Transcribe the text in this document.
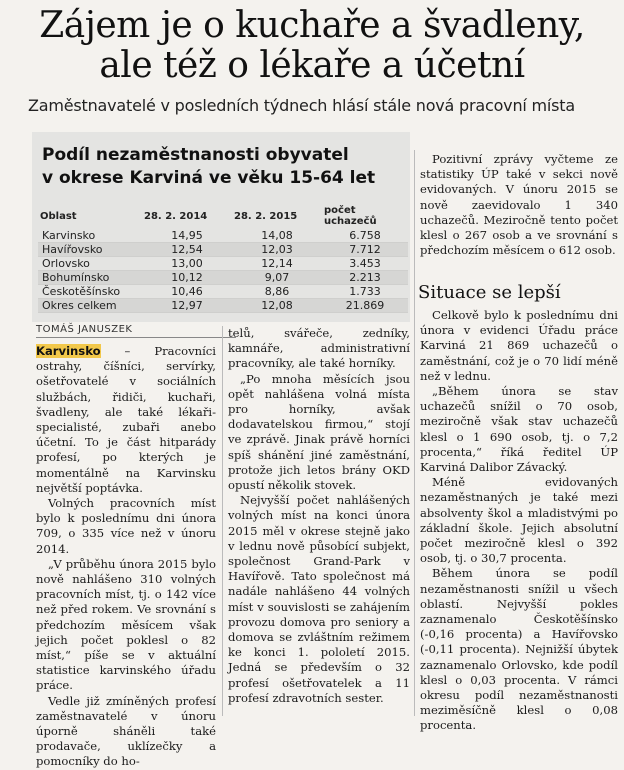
Zájem je o kuchaře a švadleny,
ale též o lékaře a účetní
Zaměstnavatelé v posledních týdnech hlásí stále nová pracovní místa
Podíl nezaměstnanosti obyvatel
v okrese Karviná ve věku 15-64 let
Oblast	28. 2. 2014	28. 2. 2015	počet uchazečů
Karvinsko	14,95	14,08	6.758
Havířovsko	12,54	12,03	7.712
Orlovsko	13,00	12,14	3.453
Bohumínsko	10,12	9,07	2.213
Českotěšínsko	10,46	8,86	1.733
Okres celkem	12,97	12,08	21.869
TOMÁŠ JANUSZEK

Karvinsko – Pracovníci ostrahy, číšníci, servírky, ošetřovatelé v sociálních službách, řidiči, kuchaři, švadleny, ale také lékaři-specialisté, zubaři anebo účetní. To je část hitparády profesí, po kterých je momentálně na Karvinsku největší poptávka.

Volných pracovních míst bylo k poslednímu dni února 709, o 335 více než v únoru 2014.

„V průběhu února 2015 bylo nově nahlášeno 310 volných pracovních míst, tj. o 142 více než před rokem. Ve srovnání s předchozím měsícem však jejich počet poklesl o 82 míst,“ píše se v aktuální statistice karvinského úřadu práce.

Vedle již zmíněných profesí zaměstnavatelé v únoru úporně sháněli také prodavače, uklízečky a pomocníky do ho-

telů, svářeče, zedníky, kamnáře, administrativní pracovníky, ale také horníky.

„Po mnoha měsících jsou opět nahlášena volná místa pro horníky, avšak dodavatelskou firmou,“ stojí ve zprávě. Jinak právě horníci spíš shánění jiné zaměstnání, protože jich letos brány OKD opustí několik stovek.

Nejvyšší počet nahlášených volných míst na konci února 2015 měl v okrese stejně jako v lednu nově působící subjekt, společnost Grand-Park v Havířově. Tato společnost má nadále nahlášeno 44 volných míst v souvislosti se zahájením provozu domova pro seniory a domova se zvláštním režimem ke konci 1. pololetí 2015. Jedná se především o 32 profesí ošetřovatelek a 11 profesí zdravotních sester.

Pozitivní zprávy vyčteme ze statistiky ÚP také v sekci nově evidovaných. V únoru 2015 se nově zaevidovalo 1 340 uchazečů. Meziročně tento počet klesl o 267 osob a ve srovnání s předchozím měsícem o 612 osob.

Situace se lepší

Celkově bylo k poslednímu dni února v evidenci Úřadu práce Karviná 21 869 uchazečů o zaměstnání, což je o 70 lidí méně než v lednu.

„Během února se stav uchazečů snížil o 70 osob, meziročně však stav uchazečů klesl o 1 690 osob, tj. o 7,2 procenta,“ říká ředitel ÚP Karviná Dalibor Závacký.

Méně evidovaných nezaměstnaných je také mezi absolventy škol a mladistvými po základní škole. Jejich absolutní počet meziročně klesl o 392 osob, tj. o 30,7 procenta.

Během února se podíl nezaměstnanosti snížil u všech oblastí. Nejvyšší pokles zaznamenalo Českotěšínsko (-0,16 procenta) a Havířovsko (-0,11 procenta). Nejnižší úbytek zaznamenalo Orlovsko, kde podíl klesl o 0,03 procenta. V rámci okresu podíl nezaměstnanosti meziměsíčně klesl o 0,08 procenta.
